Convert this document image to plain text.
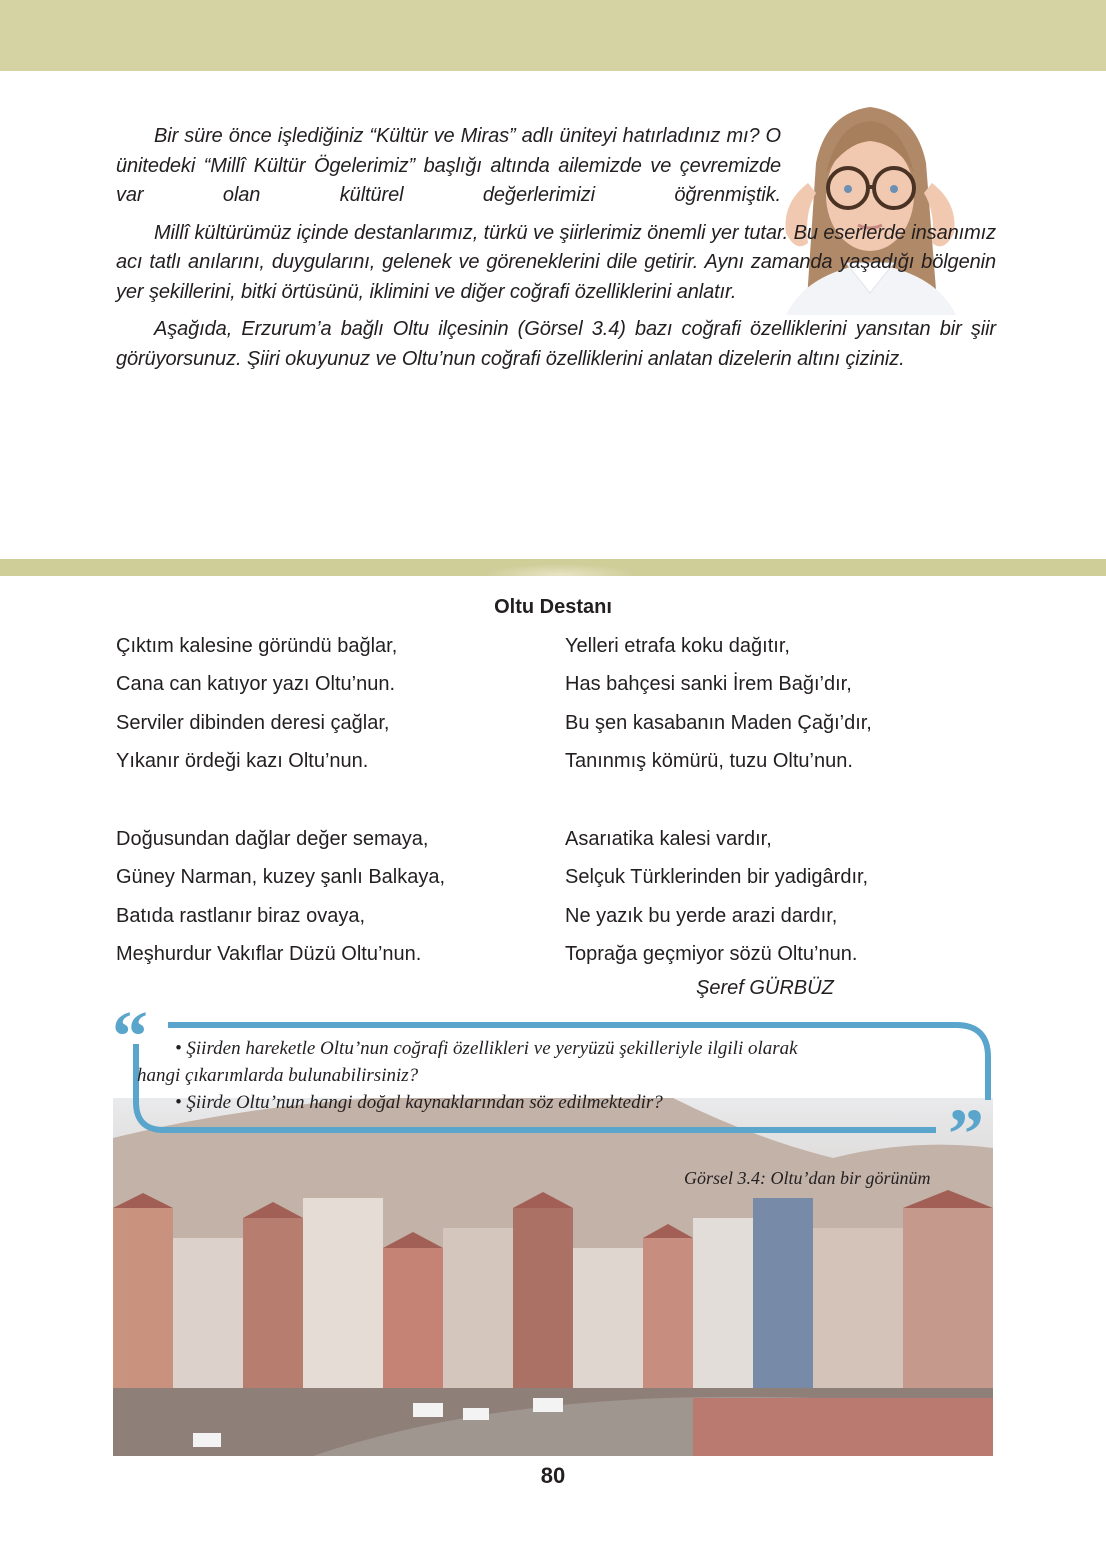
Bir süre önce işlediğiniz “Kültür ve Miras” adlı üniteyi hatırladınız mı? O ünitedeki “Millî Kültür Ögelerimiz” başlığı altında ailemizde ve çevremizde var olan kültürel değerlerimizi öğrenmiştik.

Millî kültürümüz içinde destanlarımız, türkü ve şiirlerimiz önemli yer tutar. Bu eserlerde insanımız acı tatlı anılarını, duygularını, gelenek ve göreneklerini dile getirir. Aynı zamanda yaşadığı bölgenin yer şekillerini, bitki örtüsünü, iklimini ve diğer coğrafi özelliklerini anlatır.

Aşağıda, Erzurum’a bağlı Oltu ilçesinin (Görsel 3.4) bazı coğrafi özelliklerini yansıtan bir şiir görüyorsunuz. Şiiri okuyunuz ve Oltu’nun coğrafi özelliklerini anlatan dizelerin altını çiziniz.

Oltu Destanı
Çıktım kalesine göründü bağlar,
Cana can katıyor yazı Oltu’nun.
Serviler dibinden deresi çağlar,
Yıkanır ördeği kazı Oltu’nun.
Yelleri etrafa koku dağıtır,
Has bahçesi sanki İrem Bağı’dır,
Bu şen kasabanın Maden Çağı’dır,
Tanınmış kömürü, tuzu Oltu’nun.
Doğusundan dağlar değer semaya,
Güney Narman, kuzey şanlı Balkaya,
Batıda rastlanır biraz ovaya,
Meşhurdur Vakıflar Düzü Oltu’nun.
Asarıatika kalesi vardır,
Selçuk Türklerinden bir yadigârdır,
Ne yazık bu yerde arazi dardır,
Toprağa geçmiyor sözü Oltu’nun.
Şeref GÜRBÜZ
Görsel 3.4: Oltu’dan bir görünüm
“
”

• Şiirden hareketle Oltu’nun coğrafi özellikleri ve yeryüzü şekilleriyle ilgili olarak

hangi çıkarımlarda bulunabilirsiniz?

• Şiirde Oltu’nun hangi doğal kaynaklarından söz edilmektedir?

80
